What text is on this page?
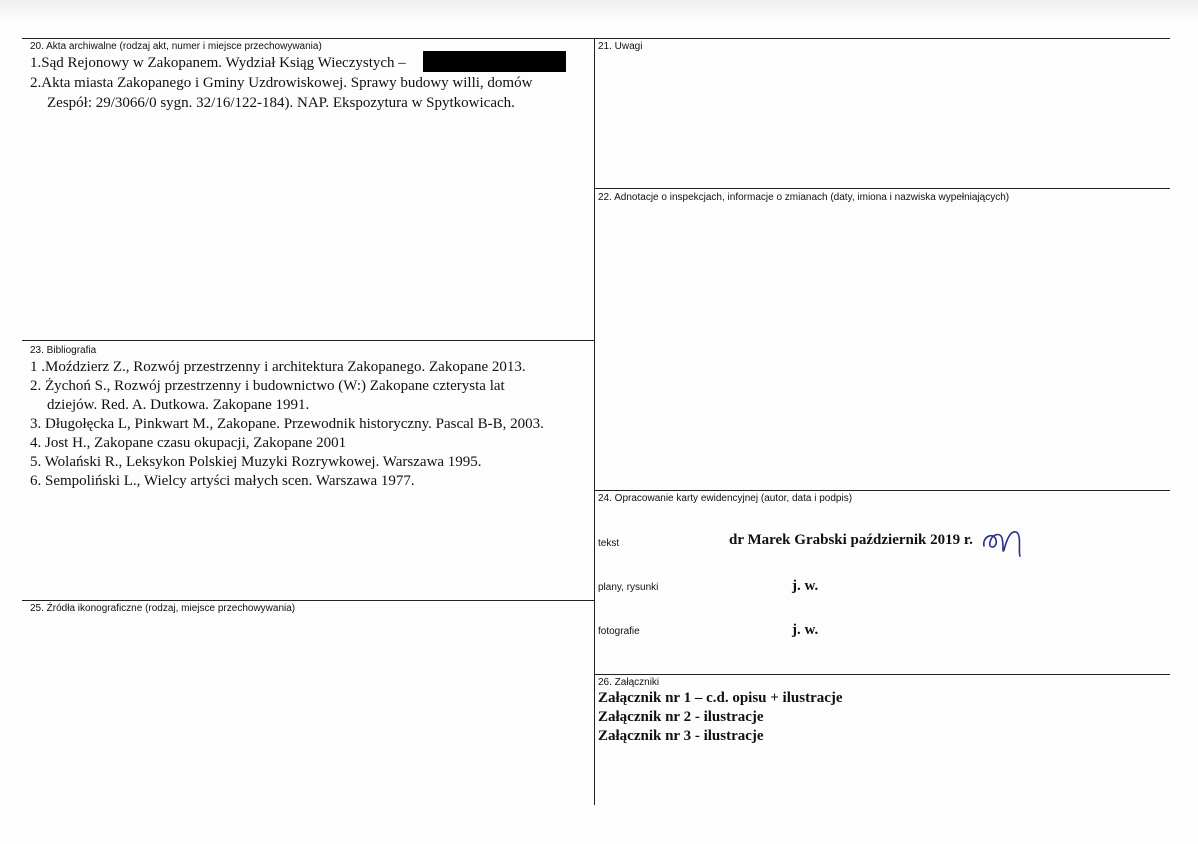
20. Akta archiwalne (rodzaj akt, numer i miejsce przechowywania)
1.Sąd Rejonowy w Zakopanem. Wydział Ksiąg Wieczystych –
2.Akta miasta Zakopanego i Gminy Uzdrowiskowej. Sprawy budowy willi, domów
Zespół: 29/3066/0 sygn. 32/16/122-184). NAP. Ekspozytura w Spytkowicach.
21. Uwagi
22. Adnotacje o inspekcjach, informacje o zmianach (daty, imiona i nazwiska wypełniających)
23. Bibliografia
1 .Moździerz Z., Rozwój przestrzenny i architektura Zakopanego. Zakopane 2013.
2. Żychoń S., Rozwój przestrzenny i budownictwo (W:) Zakopane czterysta lat
dziejów. Red. A. Dutkowa. Zakopane 1991.
3. Długołęcka L, Pinkwart M., Zakopane. Przewodnik historyczny. Pascal B-B, 2003.
4. Jost H., Zakopane czasu okupacji, Zakopane 2001
5. Wolański R., Leksykon Polskiej Muzyki Rozrywkowej. Warszawa 1995.
6. Sempoliński L., Wielcy artyści małych scen. Warszawa 1977.
24. Opracowanie karty ewidencyjnej (autor, data i podpis)
tekst	dr Marek Grabski październik 2019 r.
plany, rysunki	j. w.
fotografie	j. w.
25. Źródła ikonograficzne (rodzaj, miejsce przechowywania)
26. Załączniki
Załącznik nr 1 – c.d. opisu + ilustracje
Załącznik nr 2 - ilustracje
Załącznik nr 3 - ilustracje
